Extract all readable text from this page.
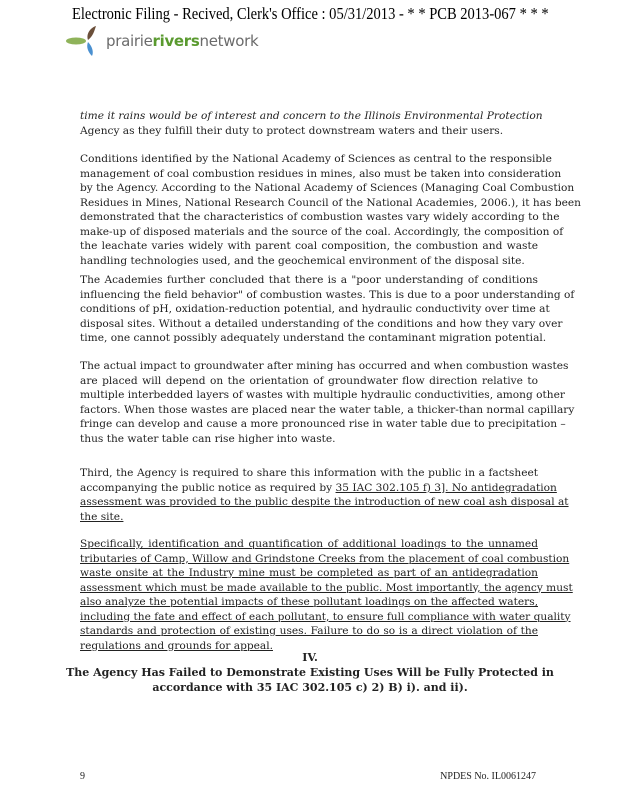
Electronic Filing - Recived, Clerk's Office : 05/31/2013 - * * PCB 2013-067 * * *
prairieriversnetwork
time it rains would be of interest and concern to the Illinois Environmental Protection
Agency as they fulfill their duty to protect downstream waters and their users.
Conditions identified by the National Academy of Sciences as central to the responsible
management of coal combustion residues in mines, also must be taken into consideration
by the Agency. According to the National Academy of Sciences (Managing Coal Combustion
Residues in Mines, National Research Council of the National Academies, 2006.), it has been
demonstrated that the characteristics of combustion wastes vary widely according to the
make-up of disposed materials and the source of the coal. Accordingly, the composition of
the leachate varies widely with parent coal composition, the combustion and waste
handling technologies used, and the geochemical environment of the disposal site.
The Academies further concluded that there is a "poor understanding of conditions
influencing the field behavior" of combustion wastes. This is due to a poor understanding of
conditions of pH, oxidation-reduction potential, and hydraulic conductivity over time at
disposal sites. Without a detailed understanding of the conditions and how they vary over
time, one cannot possibly adequately understand the contaminant migration potential.
The actual impact to groundwater after mining has occurred and when combustion wastes
are placed will depend on the orientation of groundwater flow direction relative to
multiple interbedded layers of wastes with multiple hydraulic conductivities, among other
factors. When those wastes are placed near the water table, a thicker-than normal capillary
fringe can develop and cause a more pronounced rise in water table due to precipitation –
thus the water table can rise higher into waste.
Third, the Agency is required to share this information with the public in a factsheet
accompanying the public notice as required by 35 IAC 302.105 f) 3]. No antidegradation
assessment was provided to the public despite the introduction of new coal ash disposal at
the site.
Specifically, identification and quantification of additional loadings to the unnamed
tributaries of Camp, Willow and Grindstone Creeks from the placement of coal combustion
waste onsite at the Industry mine must be completed as part of an antidegradation
assessment which must be made available to the public. Most importantly, the agency must
also analyze the potential impacts of these pollutant loadings on the affected waters,
including the fate and effect of each pollutant, to ensure full compliance with water quality
standards and protection of existing uses. Failure to do so is a direct violation of the
regulations and grounds for appeal.
IV.
The Agency Has Failed to Demonstrate Existing Uses Will be Fully Protected in
accordance with 35 IAC 302.105 c) 2) B) i). and ii).
9	NPDES No. IL0061247
